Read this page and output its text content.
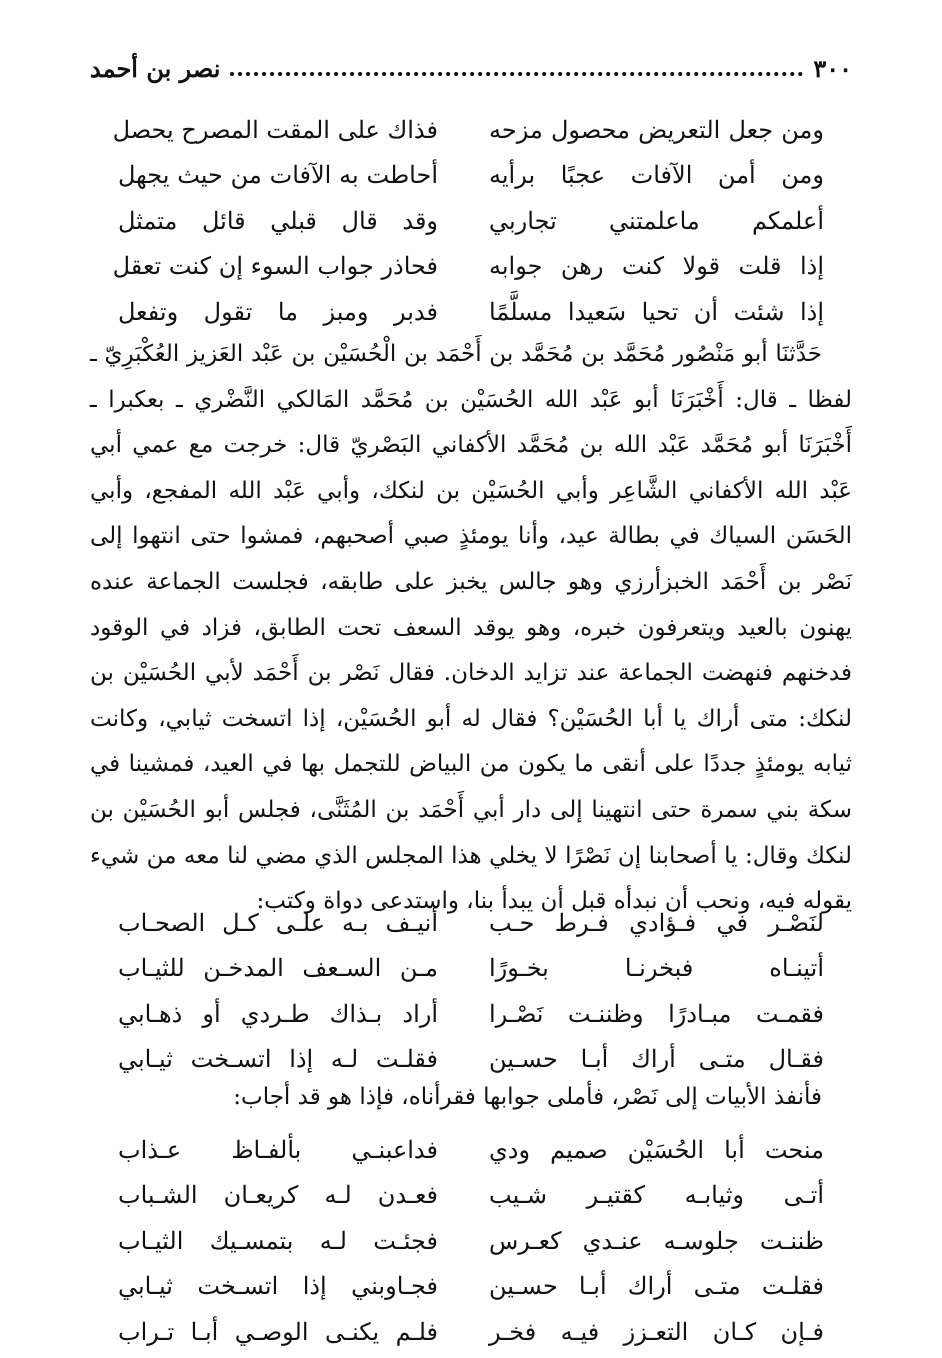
٣٠٠
نصر بن أحمد
ومن جعل التعريض محصول مزحه
فذاك على المقت المصرح يحصل
ومن أمن الآفات عجبًا برأيه
أحاطت به الآفات من حيث يجهل
أعلمكم ماعلمتني تجاربي
وقد قال قبلي قائل متمثل
إذا قلت قولا كنت رهن جوابه
فحاذر جواب السوء إن كنت تعقل
إذا شئت أن تحيا سَعيدا مسلَّمًا
فدبر ومبز ما تقول وتفعل

حَدَّثنَا أبو مَنْصُور مُحَمَّد بن مُحَمَّد بن أَحْمَد بن الْحُسَيْن بن عَبْد العَزيز العُكْبَرِيّ ـ لفظا ـ قال: أَخْبَرَنَا أبو عَبْد الله الحُسَيْن بن مُحَمَّد المَالكي النَّضْري ـ بعكبرا ـ أَخْبَرَنَا أبو مُحَمَّد عَبْد الله بن مُحَمَّد الأكفاني البَصْريّ قال: خرجت مع عمي أبي عَبْد الله الأكفاني الشَّاعِر وأبي الحُسَيْن بن لنكك، وأبي عَبْد الله المفجع، وأبي الحَسَن السياك في بطالة عيد، وأنا يومئذٍ صبي أصحبهم، فمشوا حتى انتهوا إلى نَصْر بن أَحْمَد الخبزأرزي وهو جالس يخبز على طابقه، فجلست الجماعة عنده يهنون بالعيد ويتعرفون خبره، وهو يوقد السعف تحت الطابق، فزاد في الوقود فدخنهم فنهضت الجماعة عند تزايد الدخان. فقال نَصْر بن أَحْمَد لأبي الحُسَيْن بن لنكك: متى أراك يا أبا الحُسَيْن؟ فقال له أبو الحُسَيْن، إذا اتسخت ثيابي، وكانت ثيابه يومئذٍ جددًا على أنقى ما يكون من البياض للتجمل بها في العيد، فمشينا في سكة بني سمرة حتى انتهينا إلى دار أبي أَحْمَد بن المُثَنَّى، فجلس أبو الحُسَيْن بن لنكك وقال: يا أصحابنا إن نَصْرًا لا يخلي هذا المجلس الذي مضي لنا معه من شيء يقوله فيه، ونحب أن نبدأه قبل أن يبدأ بنا، واستدعى دواة وكتب:

لنَصْـر في فـؤادي فـرط حـب
أنيـف بـه علـى كـل الصحـاب
أتينـاه فبخرنـا بخـورًا
مـن السـعف المدخـن للثيـاب
فقمـت مبـادرًا وظننـت نَصْـرا
أراد بـذاك طـردي أو ذهـابي
فقـال متـى أراك أبـا حسـين
فقلـت لـه إذا اتسـخت ثيـابي
فأنفذ الأبيات إلى نَصْر، فأملى جوابها فقرأناه، فإذا هو قد أجاب:
منحت أبا الحُسَيْن صميم ودي
فداعبنـي بألفـاظ عـذاب
أتـى وثيابـه كقتيـر شـيب
فعـدن لـه كريعـان الشـباب
ظننـت جلوسـه عنـدي كعـرس
فجئـت لـه بتمسـيك الثيـاب
فقلـت متـى أراك أبـا حسـين
فجـاوبني إذا اتسـخت ثيـابي
فـإن كـان التعـزز فيـه فخـر
فلـم يكنـى الوصـي أبـا تـراب
